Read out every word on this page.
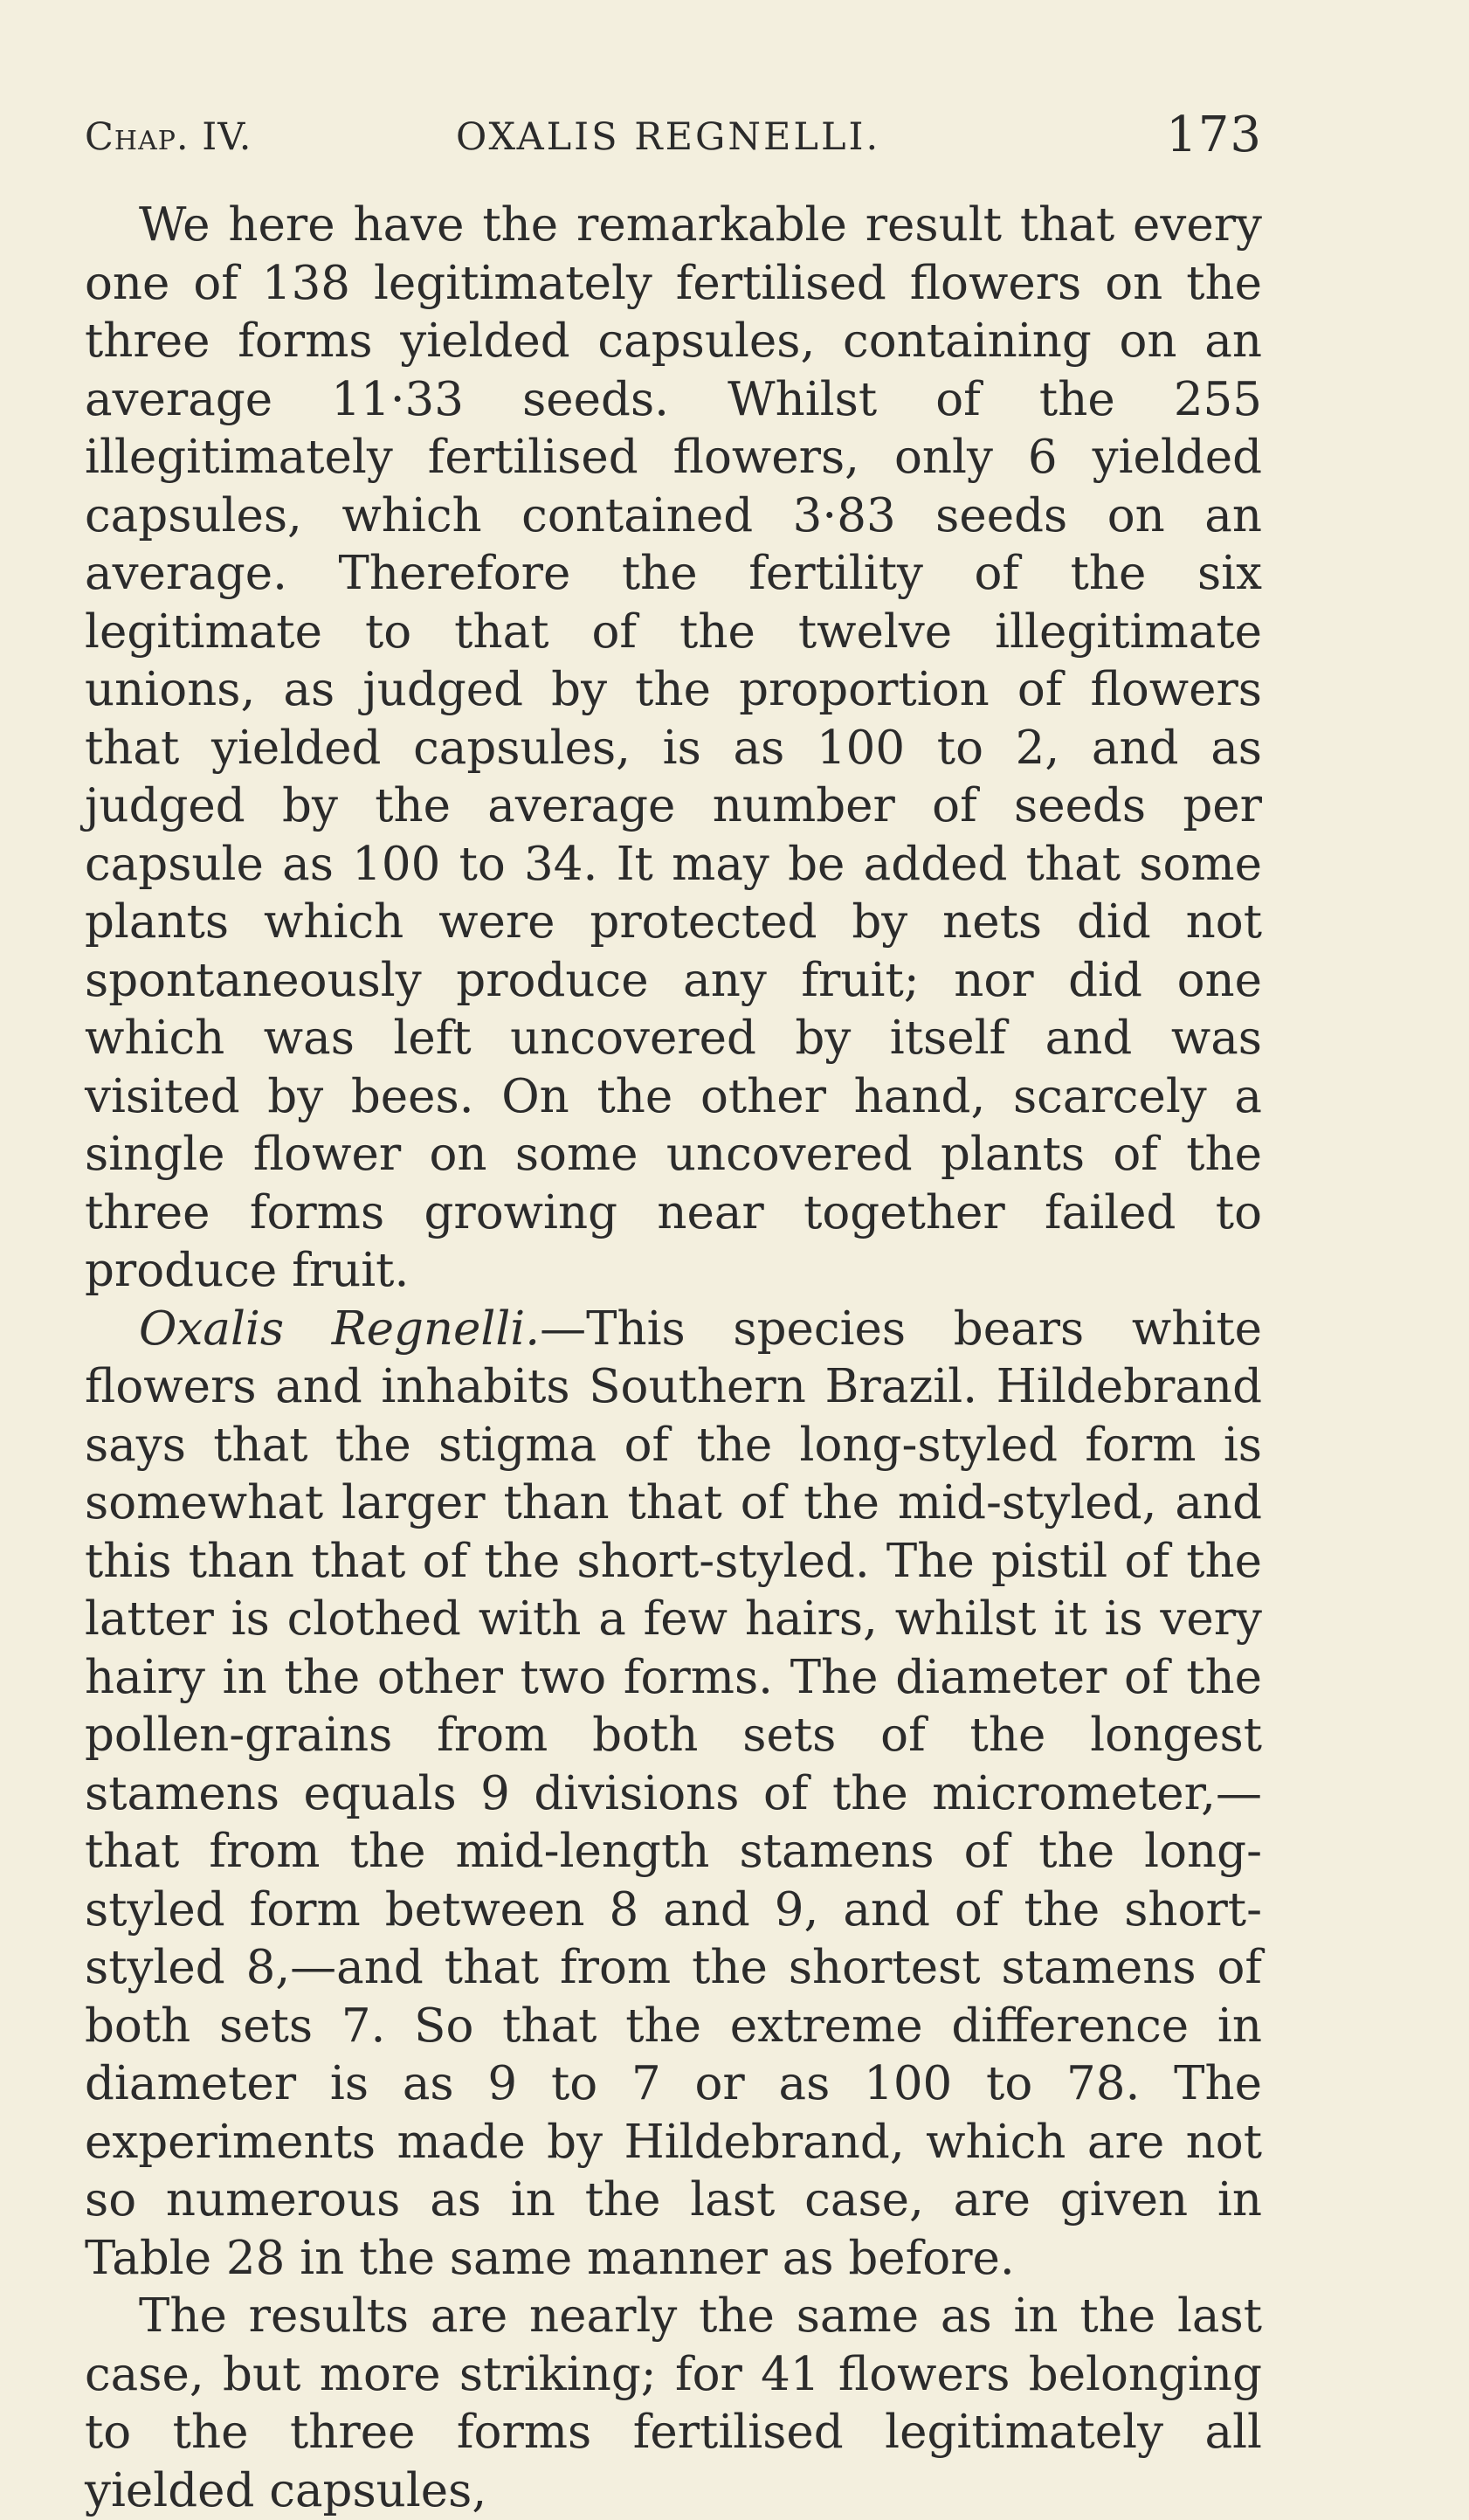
Chap. IV.	OXALIS REGNELLI.	173

We here have the remarkable result that every one of 138 legitimately fertilised flowers on the three forms yielded capsules, containing on an average 11·33 seeds. Whilst of the 255 illegitimately fertilised flowers, only 6 yielded capsules, which contained 3·83 seeds on an average. Therefore the fertility of the six legitimate to that of the twelve illegitimate unions, as judged by the proportion of flowers that yielded capsules, is as 100 to 2, and as judged by the average number of seeds per capsule as 100 to 34. It may be added that some plants which were protected by nets did not spontaneously produce any fruit; nor did one which was left uncovered by itself and was visited by bees. On the other hand, scarcely a single flower on some uncovered plants of the three forms growing near together failed to produce fruit.

Oxalis Regnelli.—This species bears white flowers and inhabits Southern Brazil. Hildebrand says that the stigma of the long-styled form is somewhat larger than that of the mid-styled, and this than that of the short-styled. The pistil of the latter is clothed with a few hairs, whilst it is very hairy in the other two forms. The diameter of the pollen-grains from both sets of the longest stamens equals 9 divisions of the micrometer,—that from the mid-length stamens of the long-styled form between 8 and 9, and of the short-styled 8,—and that from the shortest stamens of both sets 7. So that the extreme difference in diameter is as 9 to 7 or as 100 to 78. The experiments made by Hildebrand, which are not so numerous as in the last case, are given in Table 28 in the same manner as before.

The results are nearly the same as in the last case, but more striking; for 41 flowers belonging to the three forms fertilised legitimately all yielded capsules,
